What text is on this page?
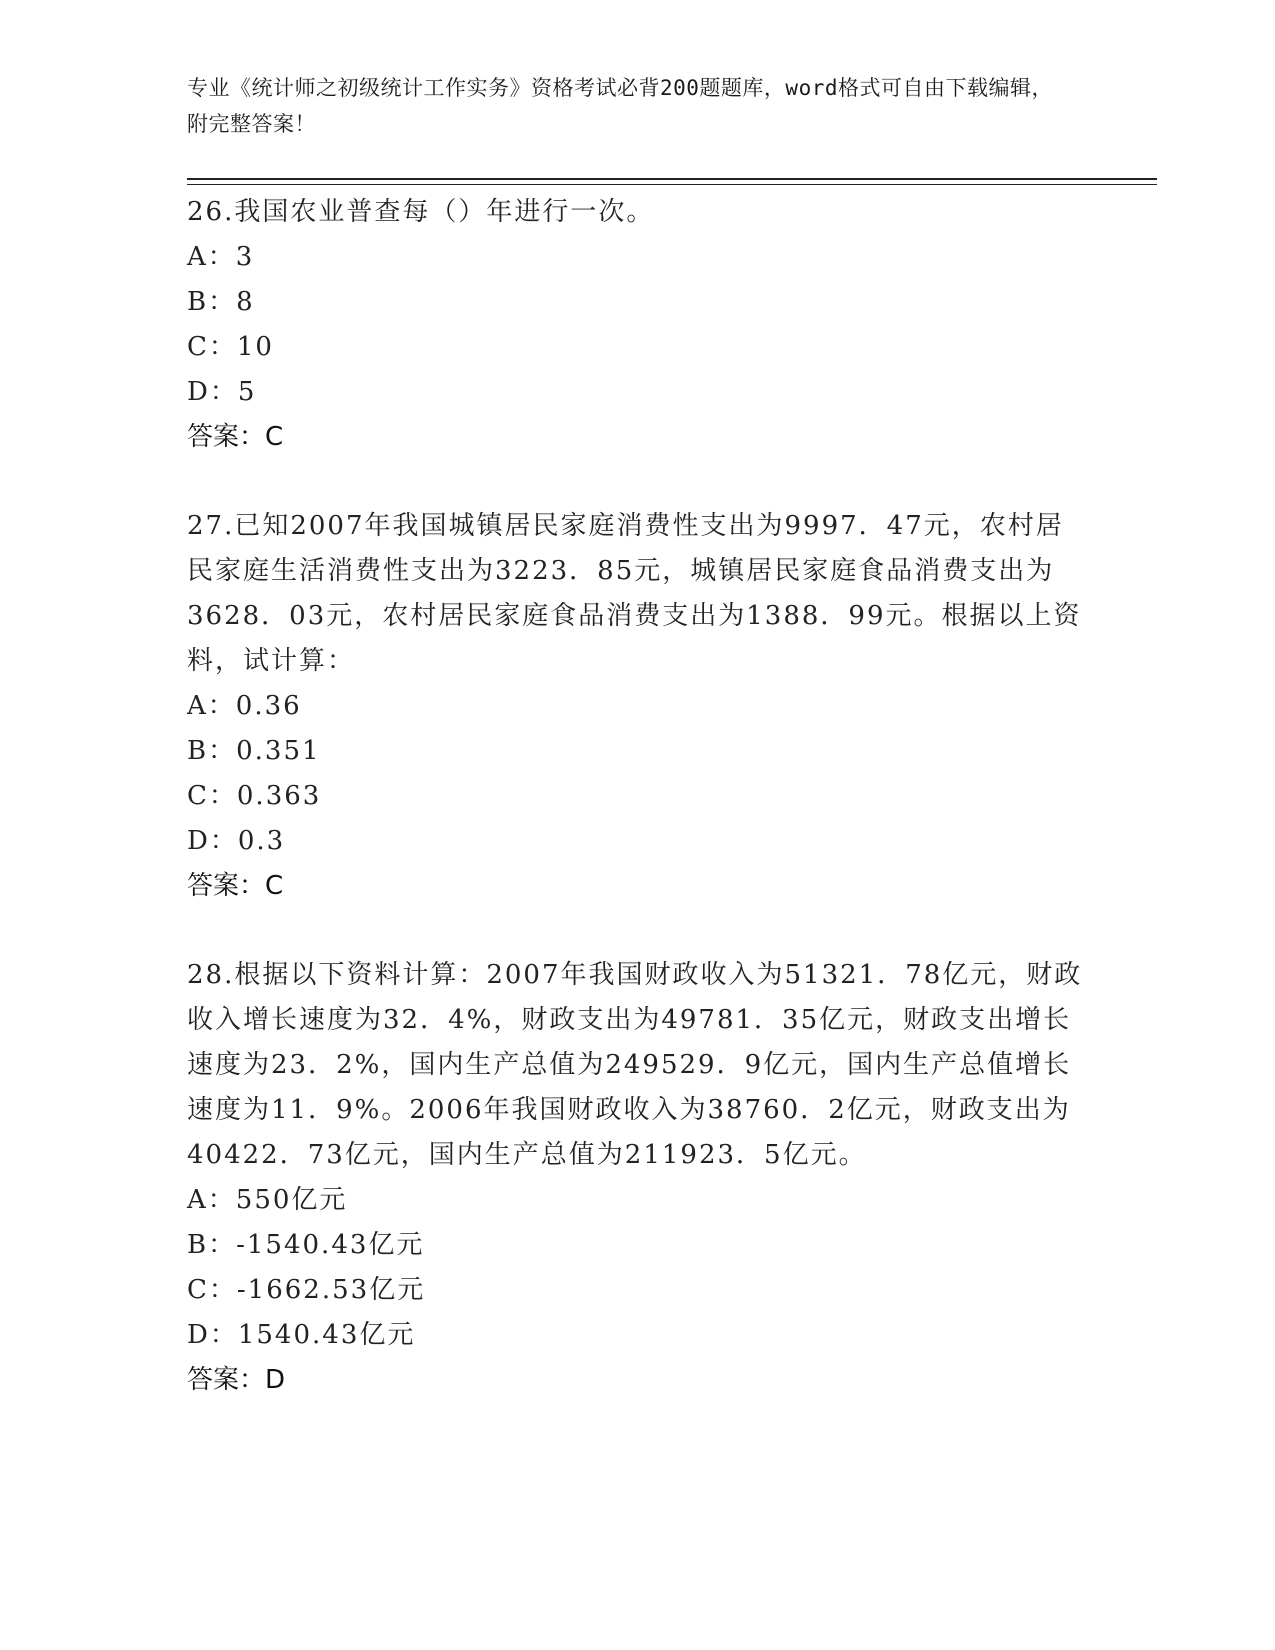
专业《统计师之初级统计工作实务》资格考试必背200题题库，word格式可自由下载编辑，附完整答案！
26.我国农业普查每（）年进行一次。
A：3
B：8
C：10
D：5
答案：C
27.已知2007年我国城镇居民家庭消费性支出为9997．47元，农村居民家庭生活消费性支出为3223．85元，城镇居民家庭食品消费支出为3628．03元，农村居民家庭食品消费支出为1388．99元。根据以上资料，试计算：
A：0.36
B：0.351
C：0.363
D：0.3
答案：C
28.根据以下资料计算：2007年我国财政收入为51321．78亿元，财政收入增长速度为32．4%，财政支出为49781．35亿元，财政支出增长速度为23．2%，国内生产总值为249529．9亿元，国内生产总值增长速度为11．9%。2006年我国财政收入为38760．2亿元，财政支出为40422．73亿元，国内生产总值为211923．5亿元。
A：550亿元
B：-1540.43亿元
C：-1662.53亿元
D：1540.43亿元
答案：D
